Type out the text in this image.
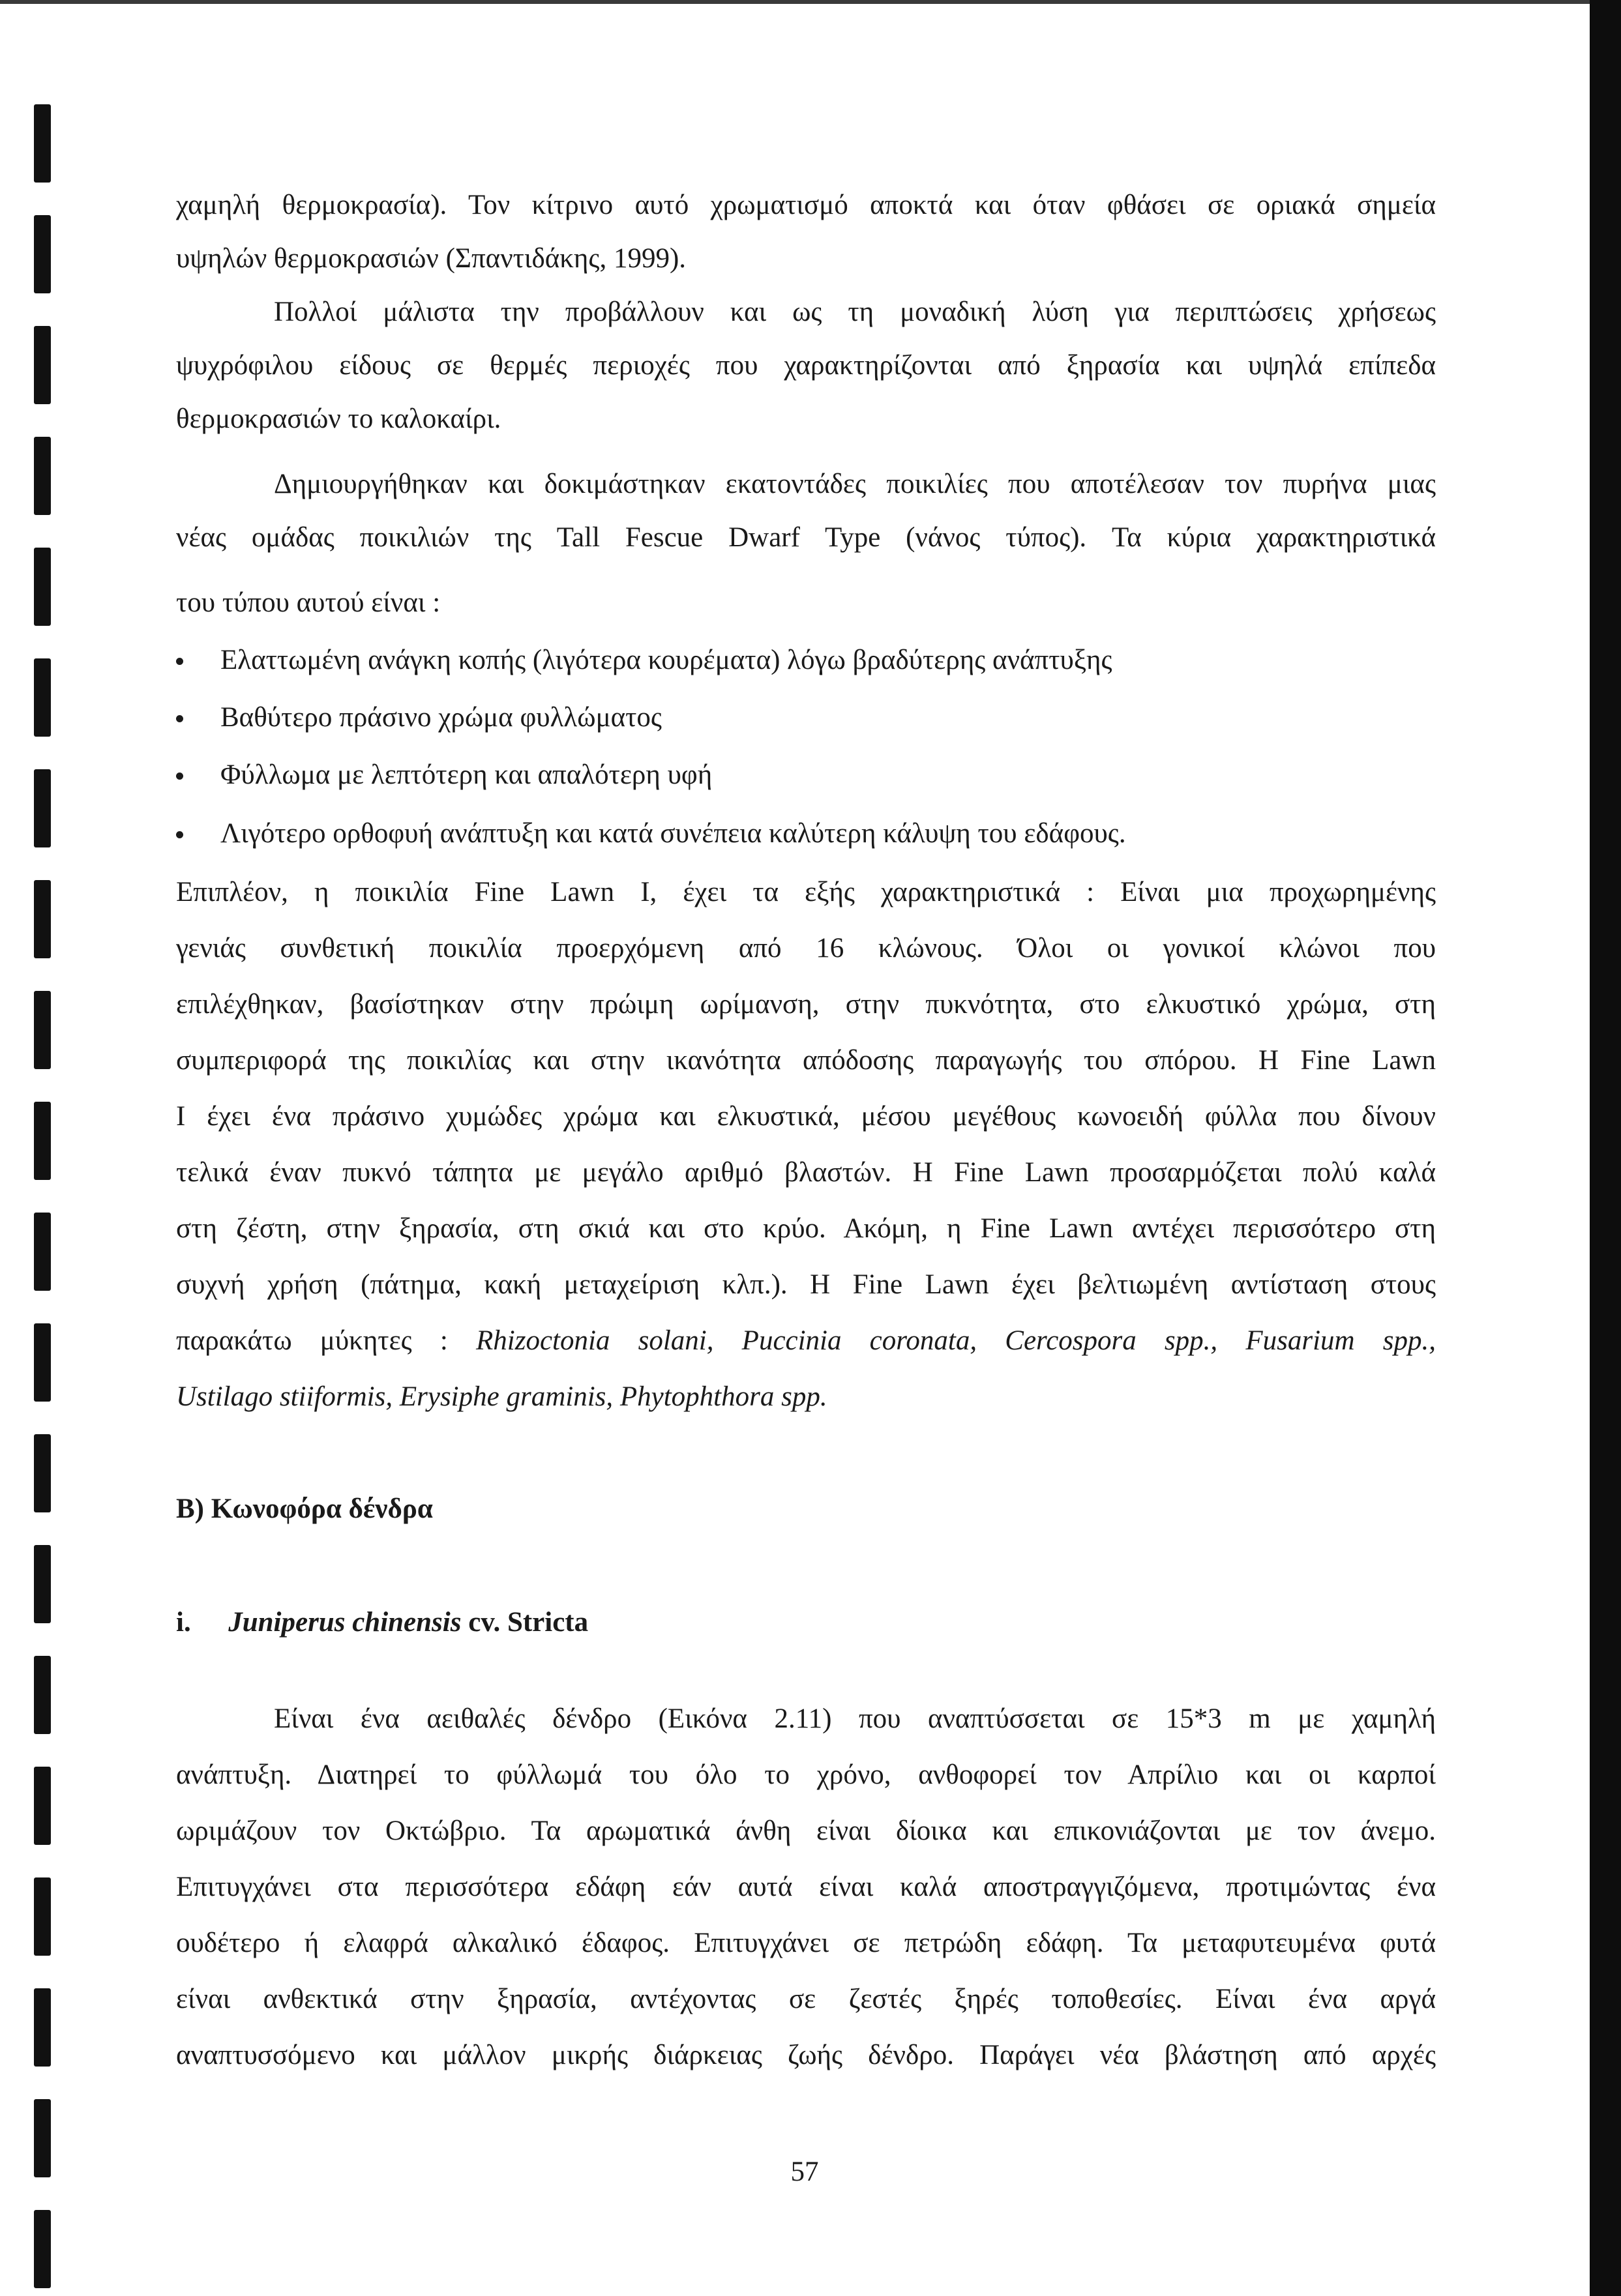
χαμηλή θερμοκρασία). Τον κίτρινο αυτό χρωματισμό αποκτά και όταν φθάσει σε οριακά σημεία
υψηλών θερμοκρασιών (Σπαντιδάκης, 1999).
Πολλοί μάλιστα την προβάλλουν και ως τη μοναδική λύση για περιπτώσεις χρήσεως
ψυχρόφιλου είδους σε θερμές περιοχές που χαρακτηρίζονται από ξηρασία και υψηλά επίπεδα
θερμοκρασιών το καλοκαίρι.
Δημιουργήθηκαν και δοκιμάστηκαν εκατοντάδες ποικιλίες που αποτέλεσαν τον πυρήνα μιας
νέας ομάδας ποικιλιών της Tall Fescue Dwarf Type (νάνος τύπος). Τα κύρια χαρακτηριστικά
του τύπου αυτού είναι :
Ελαττωμένη ανάγκη κοπής (λιγότερα κουρέματα) λόγω βραδύτερης ανάπτυξης
Βαθύτερο πράσινο χρώμα φυλλώματος
Φύλλωμα με λεπτότερη και απαλότερη υφή
Λιγότερο ορθοφυή ανάπτυξη και κατά συνέπεια καλύτερη κάλυψη του εδάφους.
Επιπλέον, η ποικιλία Fine Lawn I, έχει τα εξής χαρακτηριστικά : Είναι μια προχωρημένης
γενιάς συνθετική ποικιλία προερχόμενη από 16 κλώνους. Όλοι οι γονικοί κλώνοι που
επιλέχθηκαν, βασίστηκαν στην πρώιμη ωρίμανση, στην πυκνότητα, στο ελκυστικό χρώμα, στη
συμπεριφορά της ποικιλίας και στην ικανότητα απόδοσης παραγωγής του σπόρου. Η Fine Lawn
I έχει ένα πράσινο χυμώδες χρώμα και ελκυστικά, μέσου μεγέθους κωνοειδή φύλλα που δίνουν
τελικά έναν πυκνό τάπητα με μεγάλο αριθμό βλαστών. Η Fine Lawn προσαρμόζεται πολύ καλά
στη ζέστη, στην ξηρασία, στη σκιά και στο κρύο. Ακόμη, η Fine Lawn αντέχει περισσότερο στη
συχνή χρήση (πάτημα, κακή μεταχείριση κλπ.). Η Fine Lawn έχει βελτιωμένη αντίσταση στους
παρακάτω μύκητες : Rhizoctonia solani, Puccinia coronata, Cercospora spp., Fusarium spp.,
Ustilago stiiformis, Erysiphe graminis, Phytophthora spp.
Β) Κωνοφόρα δένδρα
i. Juniperus chinensis cv. Stricta
Είναι ένα αειθαλές δένδρο (Εικόνα 2.11) που αναπτύσσεται σε 15*3 m με χαμηλή
ανάπτυξη. Διατηρεί το φύλλωμά του όλο το χρόνο, ανθοφορεί τον Απρίλιο και οι καρποί
ωριμάζουν τον Οκτώβριο. Τα αρωματικά άνθη είναι δίοικα και επικονιάζονται με τον άνεμο.
Επιτυγχάνει στα περισσότερα εδάφη εάν αυτά είναι καλά αποστραγγιζόμενα, προτιμώντας ένα
ουδέτερο ή ελαφρά αλκαλικό έδαφος. Επιτυγχάνει σε πετρώδη εδάφη. Τα μεταφυτευμένα φυτά
είναι ανθεκτικά στην ξηρασία, αντέχοντας σε ζεστές ξηρές τοποθεσίες. Είναι ένα αργά
αναπτυσσόμενο και μάλλον μικρής διάρκειας ζωής δένδρο. Παράγει νέα βλάστηση από αρχές
57
